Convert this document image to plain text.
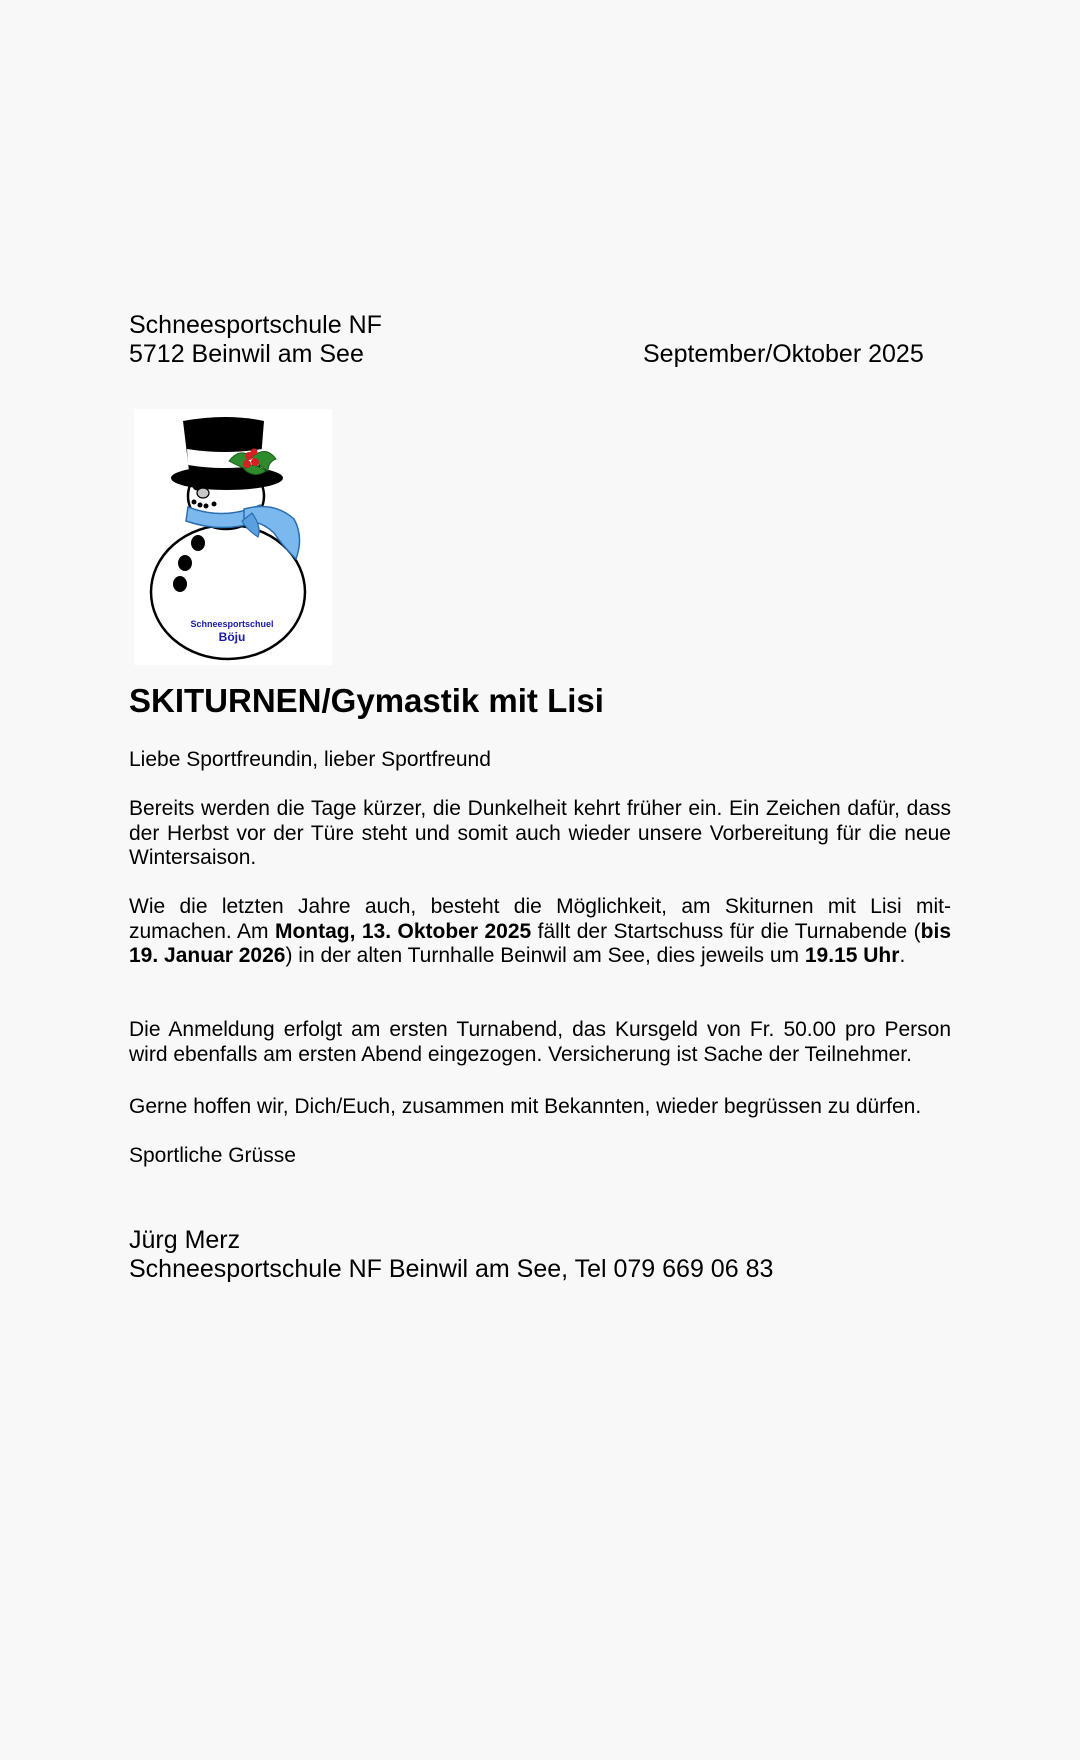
Schneesportschule NF
5712 Beinwil am See	September/Oktober 2025
Schneesportschuel
Böju
SKITURNEN/Gymastik mit Lisi

Liebe Sportfreundin, lieber Sportfreund

Bereits werden die Tage kürzer, die Dunkelheit kehrt früher ein. Ein Zeichen dafür, dass der Herbst vor der Türe steht und somit auch wieder unsere Vorbereitung für die neue Wintersaison.

Wie die letzten Jahre auch, besteht die Möglichkeit, am Skiturnen mit Lisi mit-zumachen. Am Montag, 13. Oktober 2025 fällt der Startschuss für die Turnabende (bis 19. Januar 2026) in der alten Turnhalle Beinwil am See, dies jeweils um 19.15 Uhr.

Die Anmeldung erfolgt am ersten Turnabend, das Kursgeld von Fr. 50.00 pro Person wird ebenfalls am ersten Abend eingezogen. Versicherung ist Sache der Teilnehmer.

Gerne hoffen wir, Dich/Euch, zusammen mit Bekannten, wieder begrüssen zu dürfen.

Sportliche Grüsse

Jürg Merz
Schneesportschule NF Beinwil am See, Tel 079 669 06 83
